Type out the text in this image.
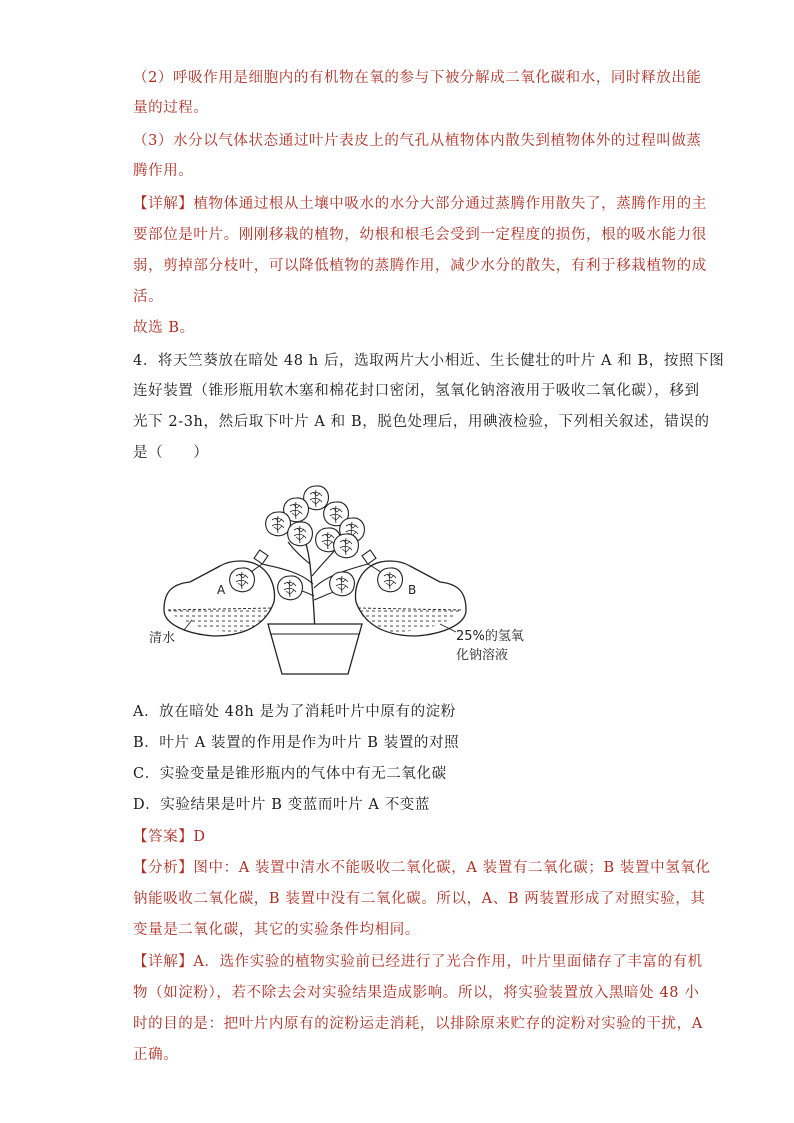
（2）呼吸作用是细胞内的有机物在氧的参与下被分解成二氧化碳和水，同时释放出能
量的过程。
（3）水分以气体状态通过叶片表皮上的气孔从植物体内散失到植物体外的过程叫做蒸
腾作用。
【详解】植物体通过根从土壤中吸水的水分大部分通过蒸腾作用散失了，蒸腾作用的主
要部位是叶片。刚刚移栽的植物，幼根和根毛会受到一定程度的损伤，根的吸水能力很
弱，剪掉部分枝叶，可以降低植物的蒸腾作用，减少水分的散失，有利于移栽植物的成
活。
故选 B。
4．将天竺葵放在暗处 48 h 后，选取两片大小相近、生长健壮的叶片 A 和 B，按照下图
连好装置（锥形瓶用软木塞和棉花封口密闭，氢氧化钠溶液用于吸收二氧化碳），移到
光下 2-3h，然后取下叶片 A 和 B，脱色处理后，用碘液检验，下列相关叙述，错误的
是（　　）
A	B
清水	25%的氢氧
化钠溶液
A．放在暗处 48h 是为了消耗叶片中原有的淀粉
B．叶片 A 装置的作用是作为叶片 B 装置的对照
C．实验变量是锥形瓶内的气体中有无二氧化碳
D．实验结果是叶片 B 变蓝而叶片 A 不变蓝
【答案】D
【分析】图中：A 装置中清水不能吸收二氧化碳，A 装置有二氧化碳；B 装置中氢氧化
钠能吸收二氧化碳，B 装置中没有二氧化碳。所以，A、B 两装置形成了对照实验，其
变量是二氧化碳，其它的实验条件均相同。
【详解】A．选作实验的植物实验前已经进行了光合作用，叶片里面储存了丰富的有机
物（如淀粉），若不除去会对实验结果造成影响。所以，将实验装置放入黑暗处 48 小
时的目的是：把叶片内原有的淀粉运走消耗，以排除原来贮存的淀粉对实验的干扰，A
正确。
